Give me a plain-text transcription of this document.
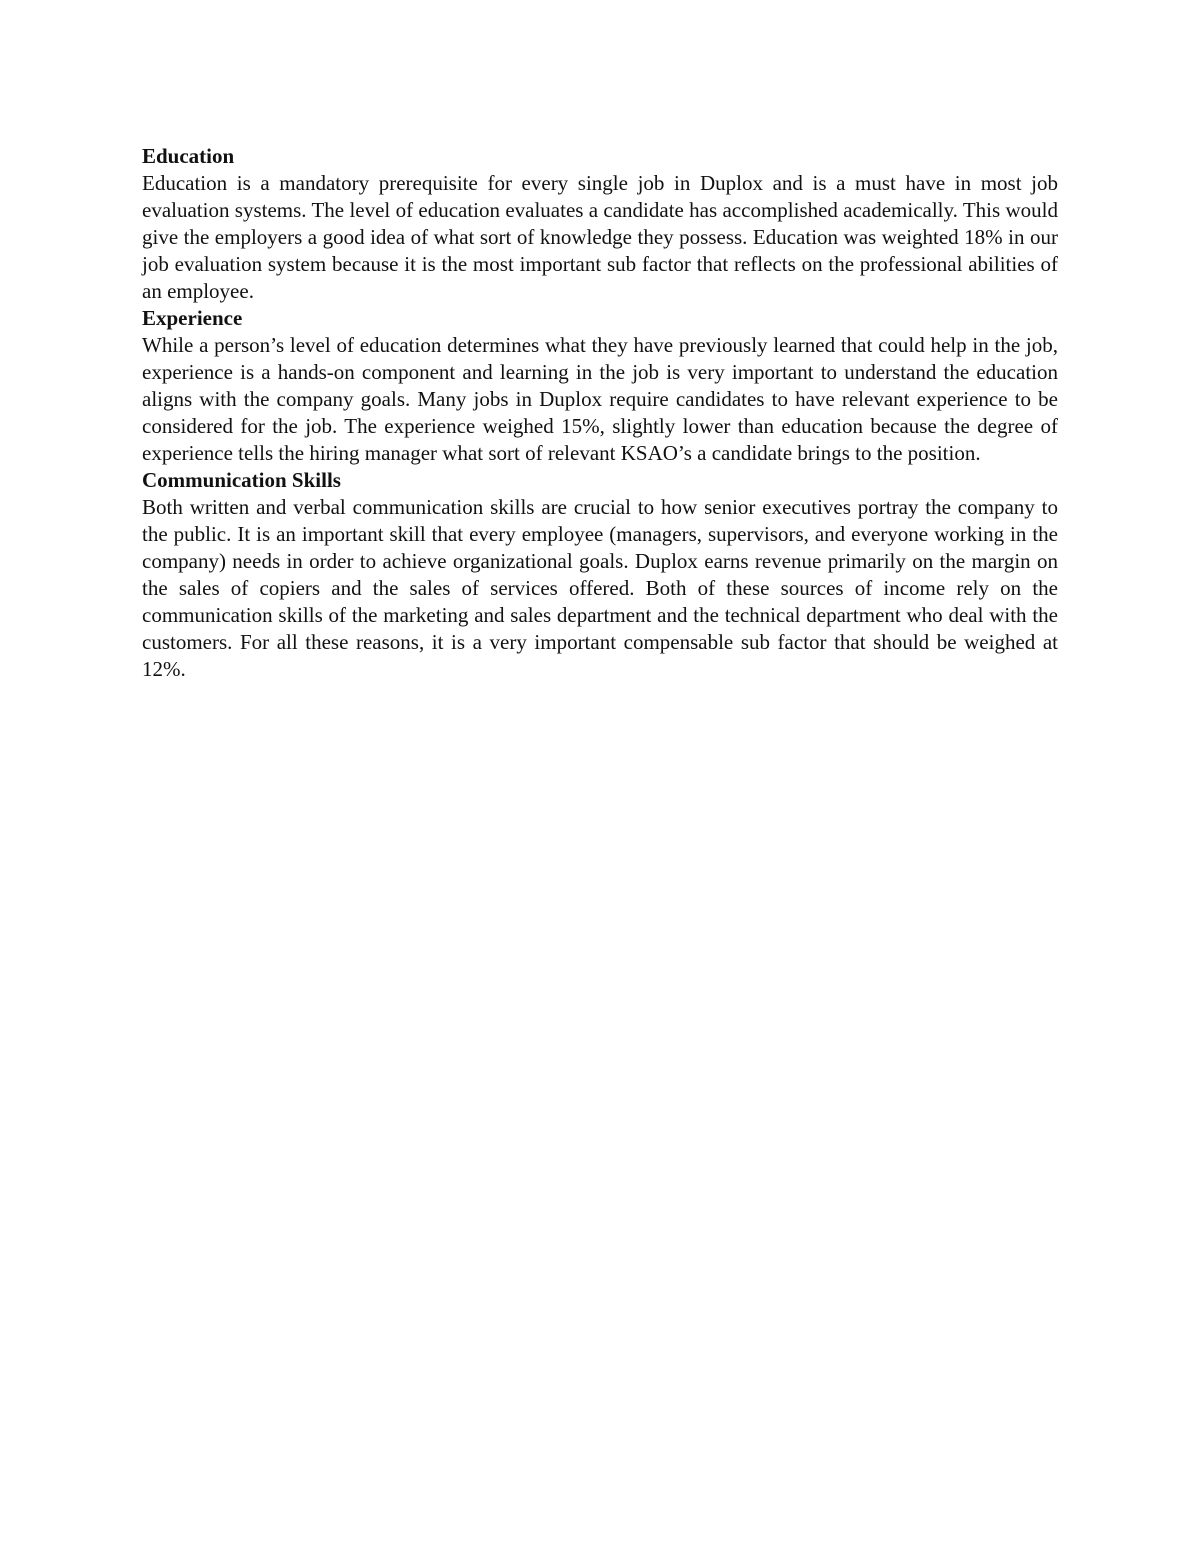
Education

Education is a mandatory prerequisite for every single job in Duplox and is a must have in most job evaluation systems. The level of education evaluates a candidate has accomplished academically. This would give the employers a good idea of what sort of knowledge they possess. Education was weighted 18% in our job evaluation system because it is the most important sub factor that reflects on the professional abilities of an employee.

Experience

While a person’s level of education determines what they have previously learned that could help in the job, experience is a hands-on component and learning in the job is very important to understand the education aligns with the company goals. Many jobs in Duplox require candidates to have relevant experience to be considered for the job. The experience weighed 15%, slightly lower than education because the degree of experience tells the hiring manager what sort of relevant KSAO’s a candidate brings to the position.

Communication Skills

Both written and verbal communication skills are crucial to how senior executives portray the company to the public. It is an important skill that every employee (managers, supervisors, and everyone working in the company) needs in order to achieve organizational goals. Duplox earns revenue primarily on the margin on the sales of copiers and the sales of services offered. Both of these sources of income rely on the communication skills of the marketing and sales department and the technical department who deal with the customers. For all these reasons, it is a very important compensable sub factor that should be weighed at 12%.
